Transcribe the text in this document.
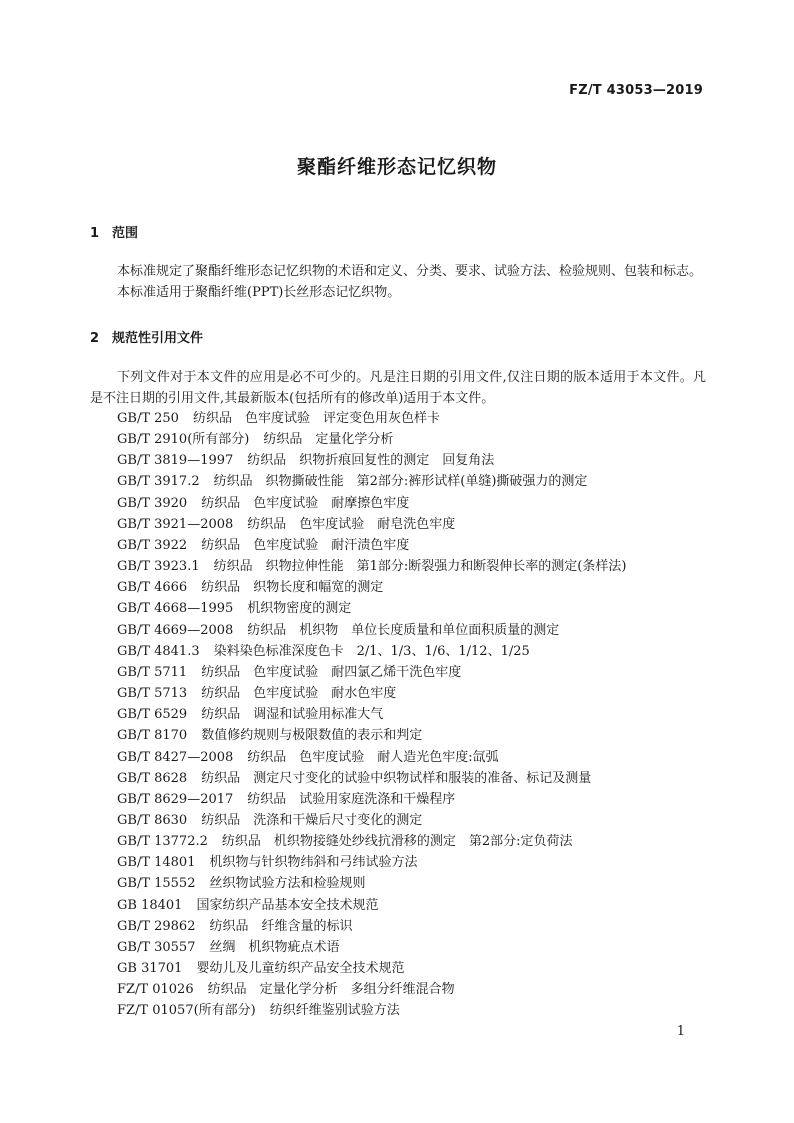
FZ/T 43053—2019
聚酯纤维形态记忆织物
1 范围

本标准规定了聚酯纤维形态记忆织物的术语和定义、分类、要求、试验方法、检验规则、包装和标志。

本标准适用于聚酯纤维(PPT)长丝形态记忆织物。

2 规范性引用文件

下列文件对于本文件的应用是必不可少的。凡是注日期的引用文件,仅注日期的版本适用于本文件。凡是不注日期的引用文件,其最新版本(包括所有的修改单)适用于本文件。

GB/T 250 纺织品　色牢度试验　评定变色用灰色样卡
GB/T 2910(所有部分) 纺织品　定量化学分析
GB/T 3819—1997 纺织品　织物折痕回复性的测定　回复角法
GB/T 3917.2 纺织品　织物撕破性能　第2部分:裤形试样(单缝)撕破强力的测定
GB/T 3920 纺织品　色牢度试验　耐摩擦色牢度
GB/T 3921—2008 纺织品　色牢度试验　耐皂洗色牢度
GB/T 3922 纺织品　色牢度试验　耐汗渍色牢度
GB/T 3923.1 纺织品　织物拉伸性能　第1部分:断裂强力和断裂伸长率的测定(条样法)
GB/T 4666 纺织品　织物长度和幅宽的测定
GB/T 4668—1995 机织物密度的测定
GB/T 4669—2008 纺织品　机织物　单位长度质量和单位面积质量的测定
GB/T 4841.3 染料染色标准深度色卡　2/1、1/3、1/6、1/12、1/25
GB/T 5711 纺织品　色牢度试验　耐四氯乙烯干洗色牢度
GB/T 5713 纺织品　色牢度试验　耐水色牢度
GB/T 6529 纺织品　调湿和试验用标准大气
GB/T 8170 数值修约规则与极限数值的表示和判定
GB/T 8427—2008 纺织品　色牢度试验　耐人造光色牢度:氙弧
GB/T 8628 纺织品　测定尺寸变化的试验中织物试样和服装的准备、标记及测量
GB/T 8629—2017 纺织品　试验用家庭洗涤和干燥程序
GB/T 8630 纺织品　洗涤和干燥后尺寸变化的测定
GB/T 13772.2 纺织品　机织物接缝处纱线抗滑移的测定　第2部分:定负荷法
GB/T 14801 机织物与针织物纬斜和弓纬试验方法
GB/T 15552 丝织物试验方法和检验规则
GB 18401 国家纺织产品基本安全技术规范
GB/T 29862 纺织品　纤维含量的标识
GB/T 30557 丝绸　机织物疵点术语
GB 31701 婴幼儿及儿童纺织产品安全技术规范
FZ/T 01026 纺织品　定量化学分析　多组分纤维混合物
FZ/T 01057(所有部分) 纺织纤维鉴别试验方法
1
